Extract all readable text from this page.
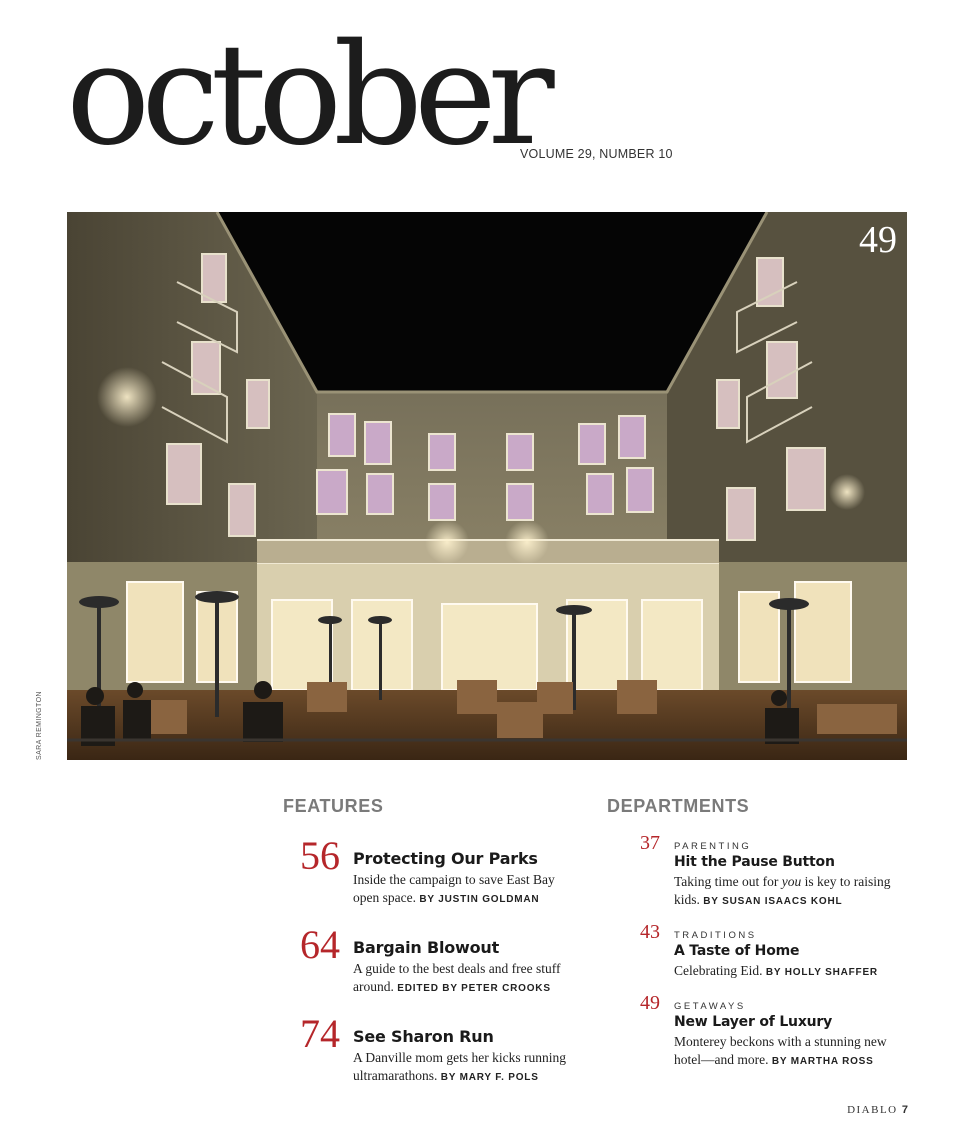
october
VOLUME 29, NUMBER 10
49
SARA REMINGTON
FEATURES
56 Protecting Our Parks
Inside the campaign to save East Bay
open space. BY JUSTIN GOLDMAN
64 Bargain Blowout
A guide to the best deals and free stuff
around. EDITED BY PETER CROOKS
74 See Sharon Run
A Danville mom gets her kicks running
ultramarathons. BY MARY F. POLS
DEPARTMENTS
37 PARENTING
Hit the Pause Button
Taking time out for you is key to raising
kids. BY SUSAN ISAACS KOHL
43 TRADITIONS
A Taste of Home
Celebrating Eid. BY HOLLY SHAFFER
49 GETAWAYS
New Layer of Luxury
Monterey beckons with a stunning new
hotel—and more. BY MARTHA ROSS
DIABLO 7
